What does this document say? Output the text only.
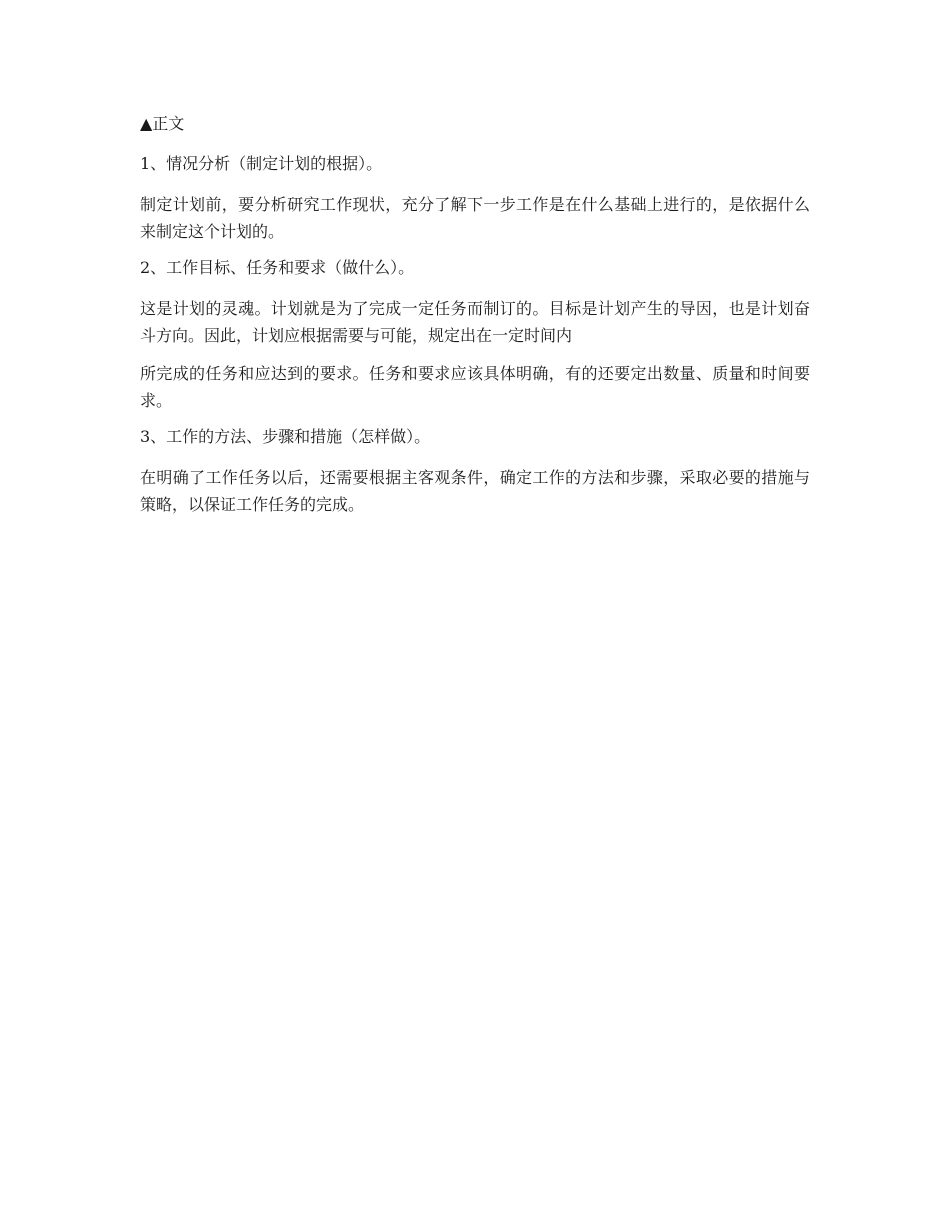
▲正文
1、情况分析（制定计划的根据）。

制定计划前，要分析研究工作现状，充分了解下一步工作是在什么基础上进行的，是依据什么来制定这个计划的。

2、工作目标、任务和要求（做什么）。

这是计划的灵魂。计划就是为了完成一定任务而制订的。目标是计划产生的导因，也是计划奋斗方向。因此，计划应根据需要与可能，规定出在一定时间内

所完成的任务和应达到的要求。任务和要求应该具体明确，有的还要定出数量、质量和时间要求。

3、工作的方法、步骤和措施（怎样做）。

在明确了工作任务以后，还需要根据主客观条件，确定工作的方法和步骤，采取必要的措施与策略，以保证工作任务的完成。
